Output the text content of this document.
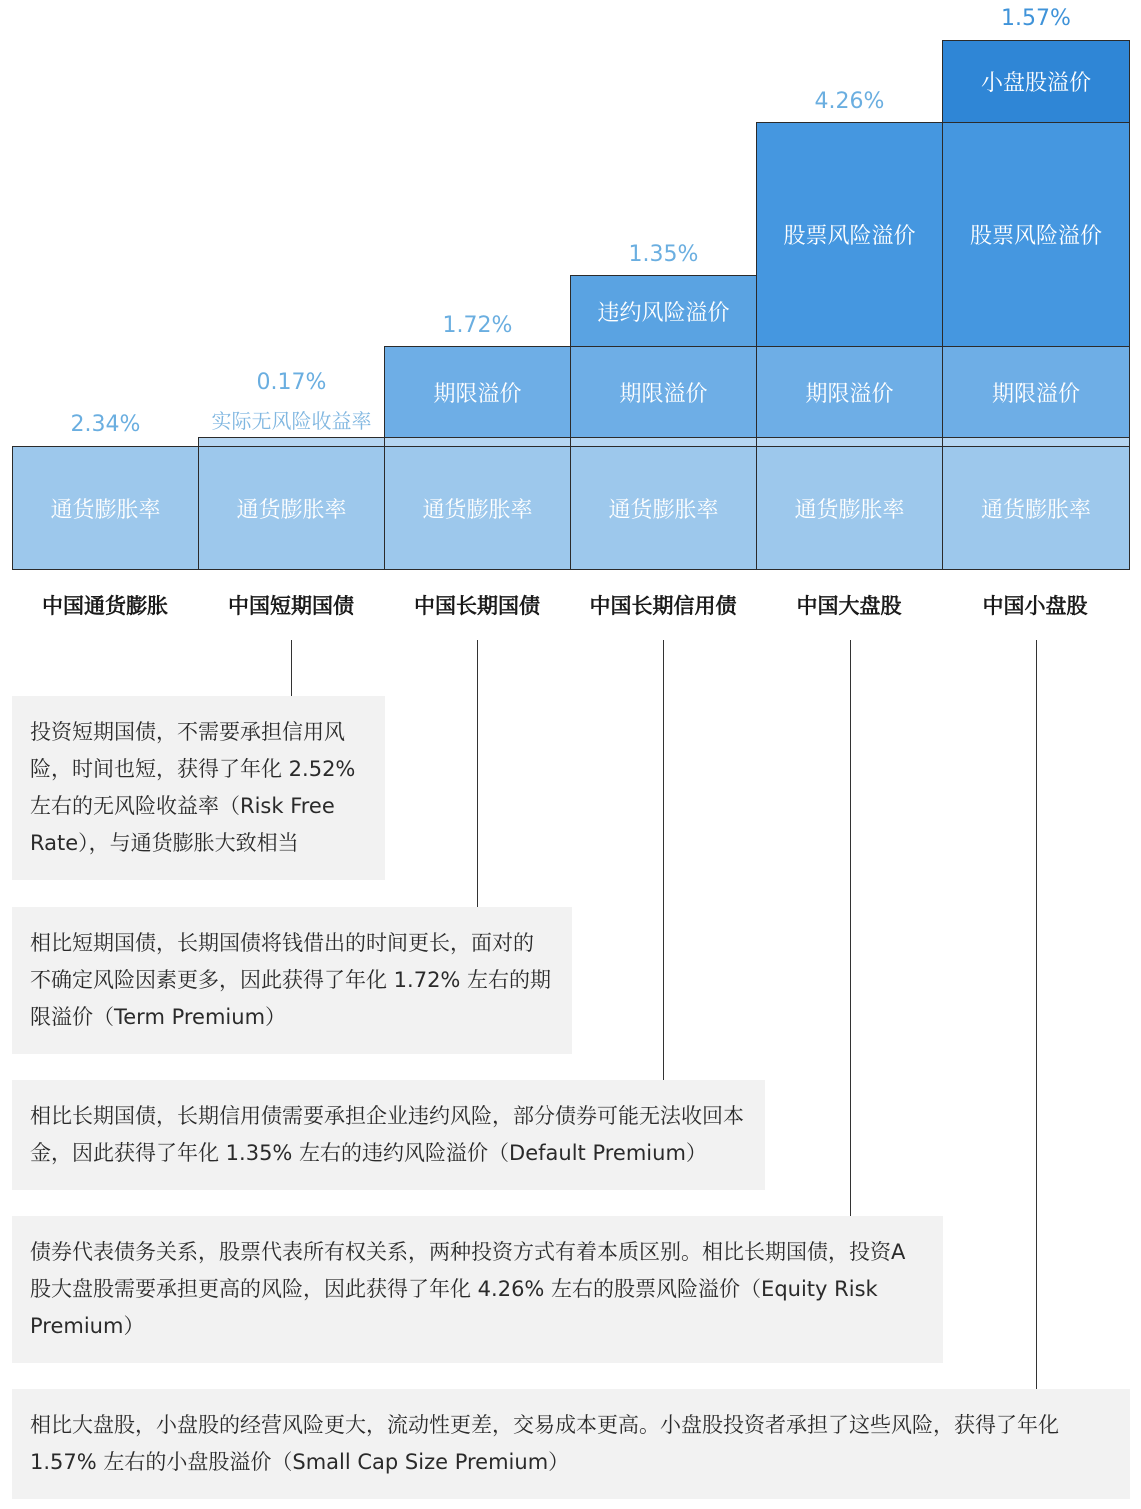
通货膨胀率
2.34%
通货膨胀率
0.17%
实际无风险收益率
通货膨胀率
期限溢价
1.72%
通货膨胀率
期限溢价
违约风险溢价
1.35%
通货膨胀率
期限溢价
股票风险溢价
4.26%
通货膨胀率
期限溢价
股票风险溢价
小盘股溢价
1.57%
中国通货膨胀	中国短期国债	中国长期国债	中国长期信用债	中国大盘股	中国小盘股
投资短期国债，不需要承担信用风险，时间也短，获得了年化 2.52% 左右的无风险收益率（Risk Free Rate），与通货膨胀大致相当
相比短期国债，长期国债将钱借出的时间更长，面对的不确定风险因素更多，因此获得了年化 1.72% 左右的期限溢价（Term Premium）
相比长期国债，长期信用债需要承担企业违约风险，部分债券可能无法收回本金，因此获得了年化 1.35% 左右的违约风险溢价（Default Premium）
债券代表债务关系，股票代表所有权关系，两种投资方式有着本质区别。相比长期国债，投资A股大盘股需要承担更高的风险，因此获得了年化 4.26% 左右的股票风险溢价（Equity Risk Premium）
相比大盘股，小盘股的经营风险更大，流动性更差，交易成本更高。小盘股投资者承担了这些风险，获得了年化 1.57% 左右的小盘股溢价（Small Cap Size Premium）
